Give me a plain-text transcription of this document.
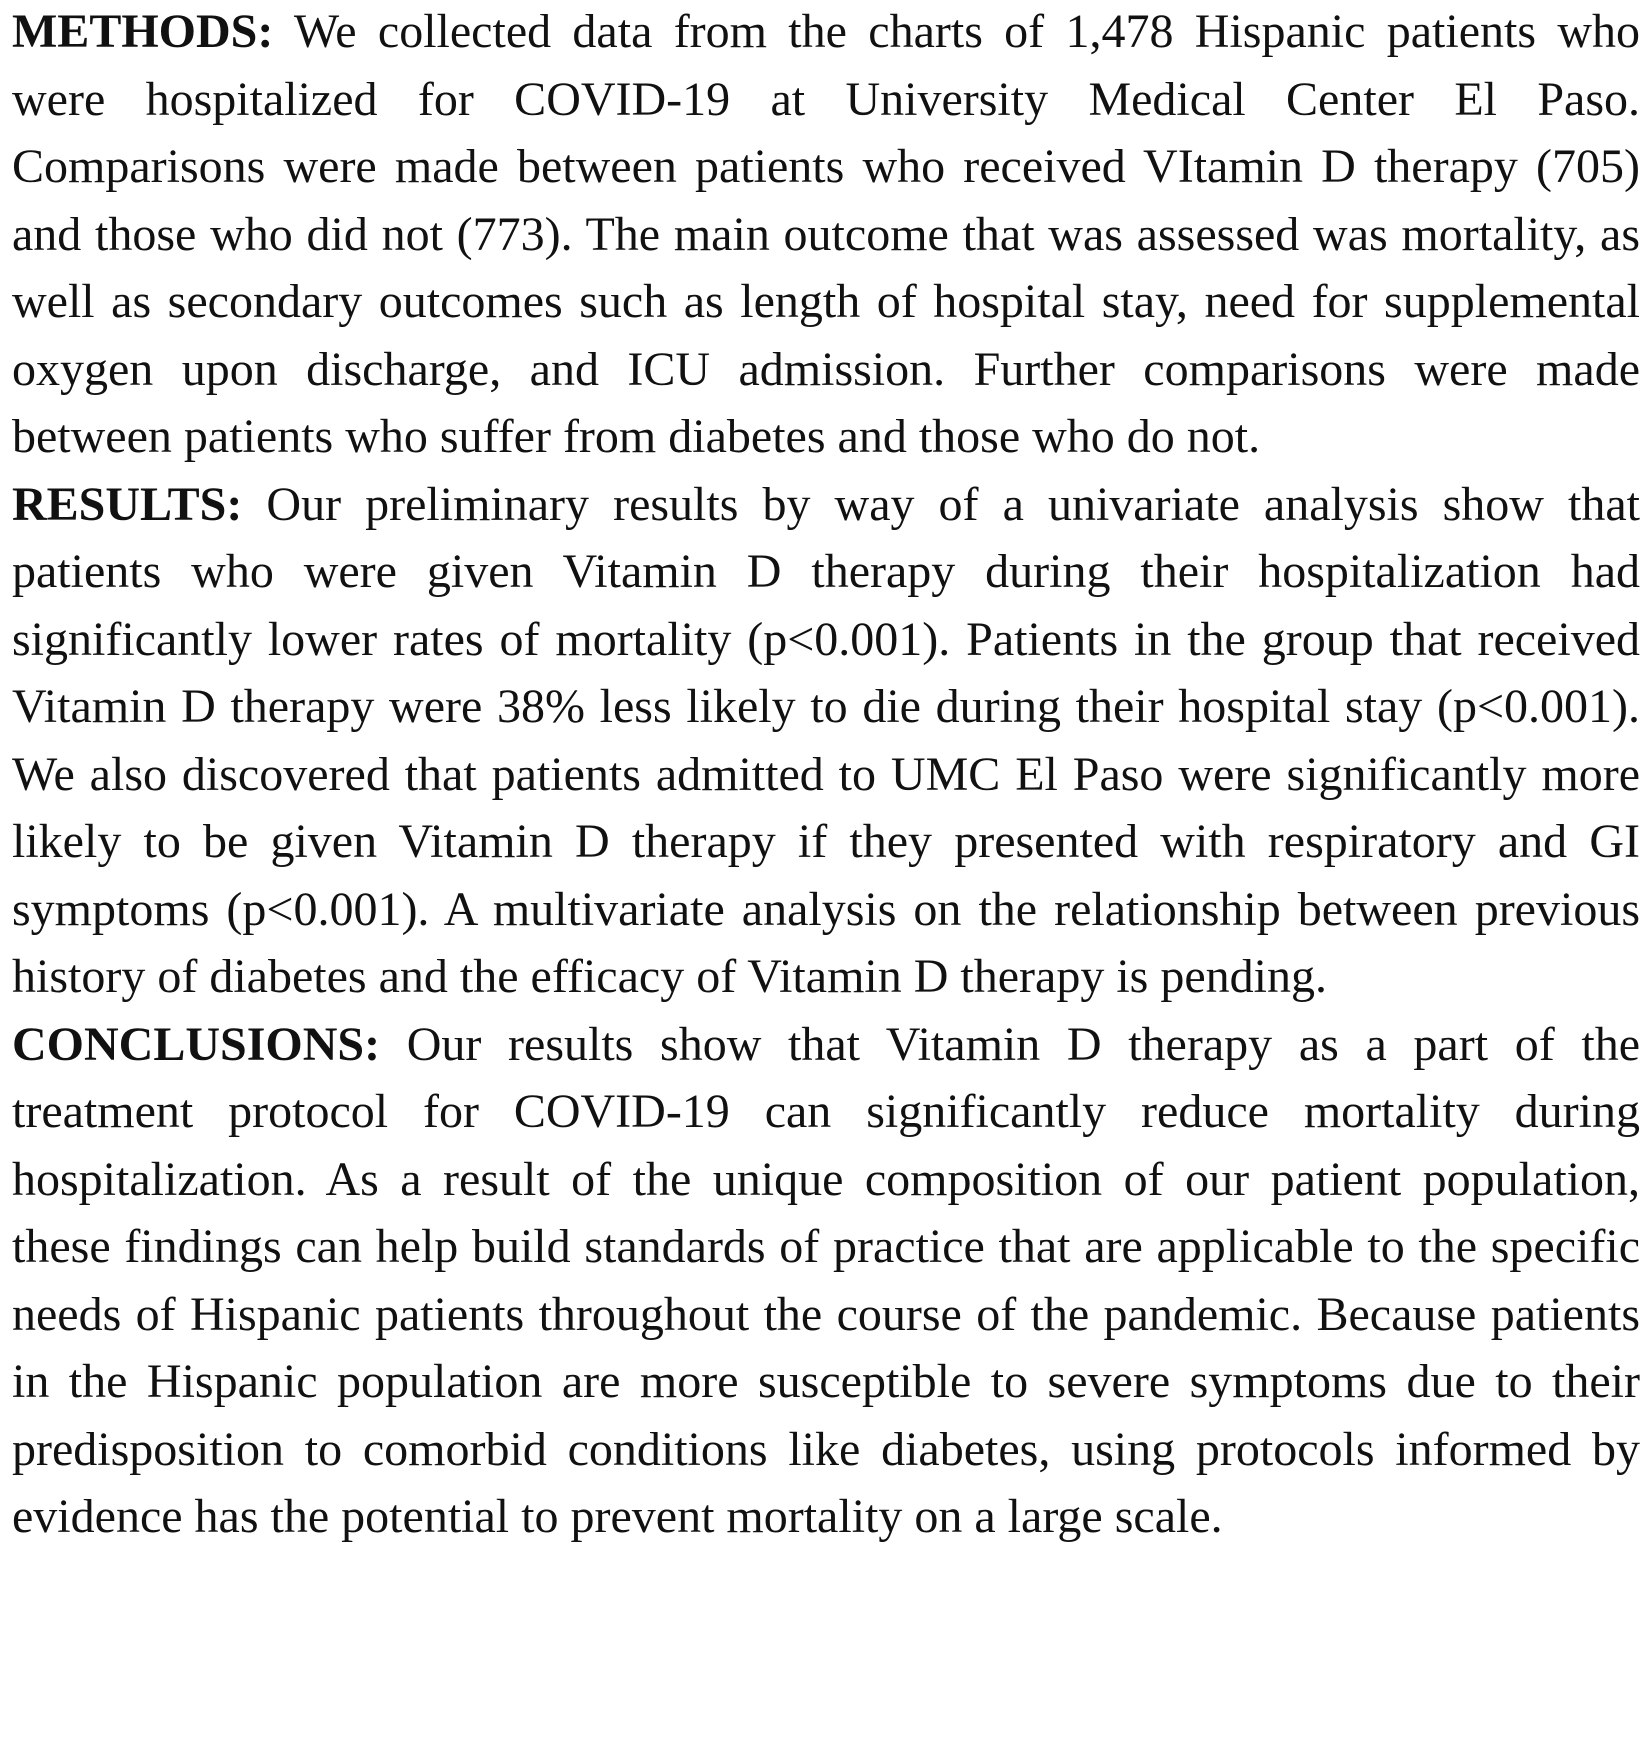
METHODS: We collected data from the charts of 1,478 Hispanic patients who were hospitalized for COVID-19 at University Medical Center El Paso. Comparisons were made between patients who received VItamin D therapy (705) and those who did not (773). The main outcome that was assessed was mortality, as well as secondary outcomes such as length of hospital stay, need for supplemental oxygen upon discharge, and ICU admission. Further comparisons were made between patients who suffer from diabetes and those who do not.

RESULTS: Our preliminary results by way of a univariate analysis show that patients who were given Vitamin D therapy during their hospitalization had significantly lower rates of mortality (p<0.001). Patients in the group that received Vitamin D therapy were 38% less likely to die during their hospital stay (p<0.001). We also discovered that patients admitted to UMC El Paso were significantly more likely to be given Vitamin D therapy if they presented with respiratory and GI symptoms (p<0.001). A multivariate analysis on the relationship between previous history of diabetes and the efficacy of Vitamin D therapy is pending.

CONCLUSIONS: Our results show that Vitamin D therapy as a part of the treatment protocol for COVID-19 can significantly reduce mortality during hospitalization. As a result of the unique composition of our patient population, these findings can help build standards of practice that are applicable to the specific needs of Hispanic patients throughout the course of the pandemic. Because patients in the Hispanic population are more susceptible to severe symptoms due to their predisposition to comorbid conditions like diabetes, using protocols informed by evidence has the potential to prevent mortality on a large scale.
